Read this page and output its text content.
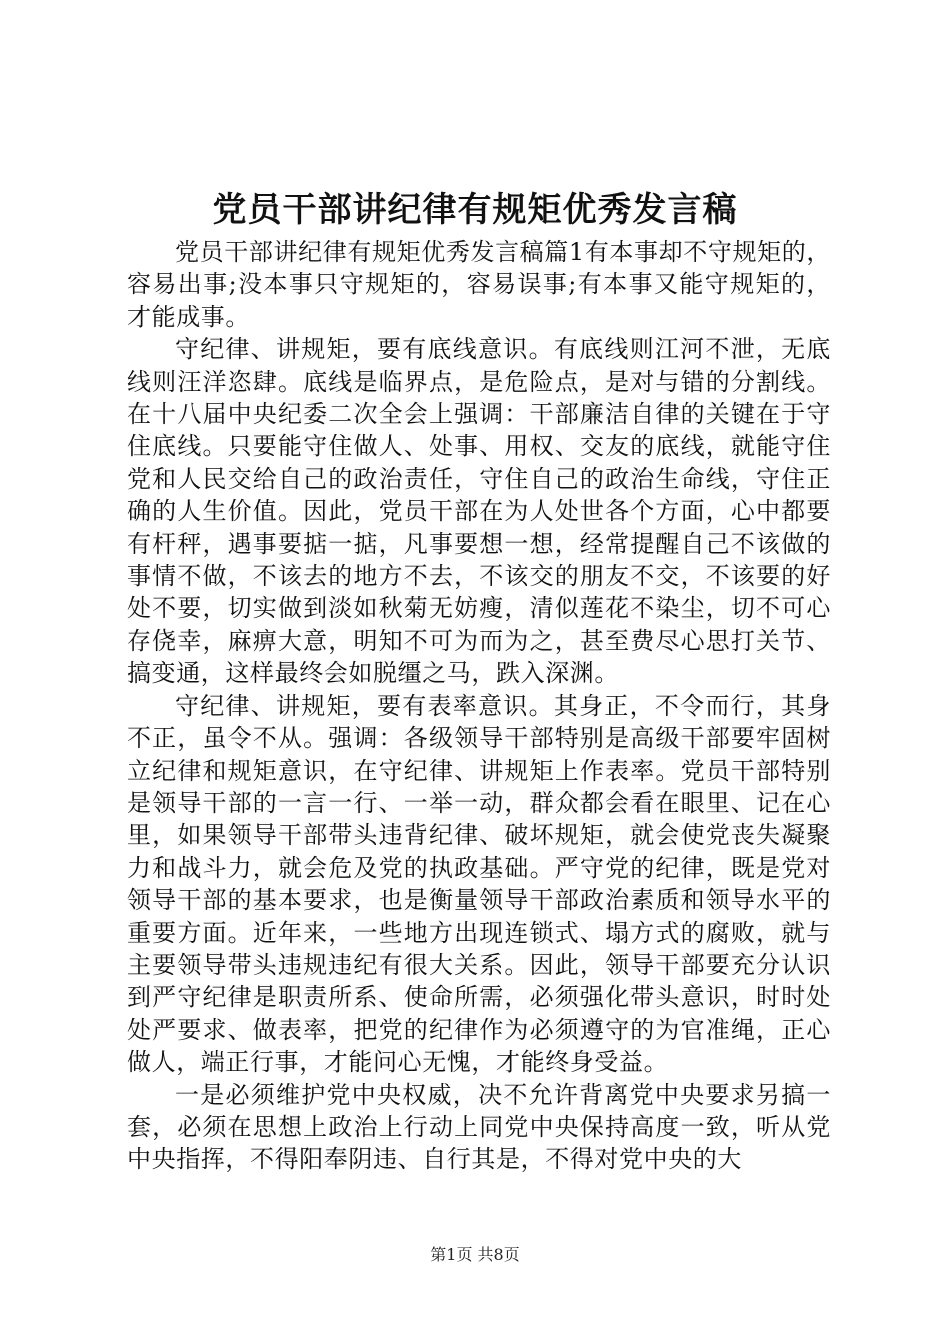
党员干部讲纪律有规矩优秀发言稿

党员干部讲纪律有规矩优秀发言稿篇1有本事却不守规矩的，容易出事;没本事只守规矩的，容易误事;有本事又能守规矩的，才能成事。

守纪律、讲规矩，要有底线意识。有底线则江河不泄，无底线则汪洋恣肆。底线是临界点，是危险点，是对与错的分割线。在十八届中央纪委二次全会上强调：干部廉洁自律的关键在于守住底线。只要能守住做人、处事、用权、交友的底线，就能守住党和人民交给自己的政治责任，守住自己的政治生命线，守住正确的人生价值。因此，党员干部在为人处世各个方面，心中都要有杆秤，遇事要掂一掂，凡事要想一想，经常提醒自己不该做的事情不做，不该去的地方不去，不该交的朋友不交，不该要的好处不要，切实做到淡如秋菊无妨瘦，清似莲花不染尘，切不可心存侥幸，麻痹大意，明知不可为而为之，甚至费尽心思打关节、搞变通，这样最终会如脱缰之马，跌入深渊。

守纪律、讲规矩，要有表率意识。其身正，不令而行，其身不正，虽令不从。强调：各级领导干部特别是高级干部要牢固树立纪律和规矩意识，在守纪律、讲规矩上作表率。党员干部特别是领导干部的一言一行、一举一动，群众都会看在眼里、记在心里，如果领导干部带头违背纪律、破坏规矩，就会使党丧失凝聚力和战斗力，就会危及党的执政基础。严守党的纪律，既是党对领导干部的基本要求，也是衡量领导干部政治素质和领导水平的重要方面。近年来，一些地方出现连锁式、塌方式的腐败，就与主要领导带头违规违纪有很大关系。因此，领导干部要充分认识到严守纪律是职责所系、使命所需，必须强化带头意识，时时处处严要求、做表率，把党的纪律作为必须遵守的为官准绳，正心做人，端正行事，才能问心无愧，才能终身受益。

一是必须维护党中央权威，决不允许背离党中央要求另搞一套，必须在思想上政治上行动上同党中央保持高度一致，听从党中央指挥，不得阳奉阴违、自行其是，不得对党中央的大

第1页 共8页
